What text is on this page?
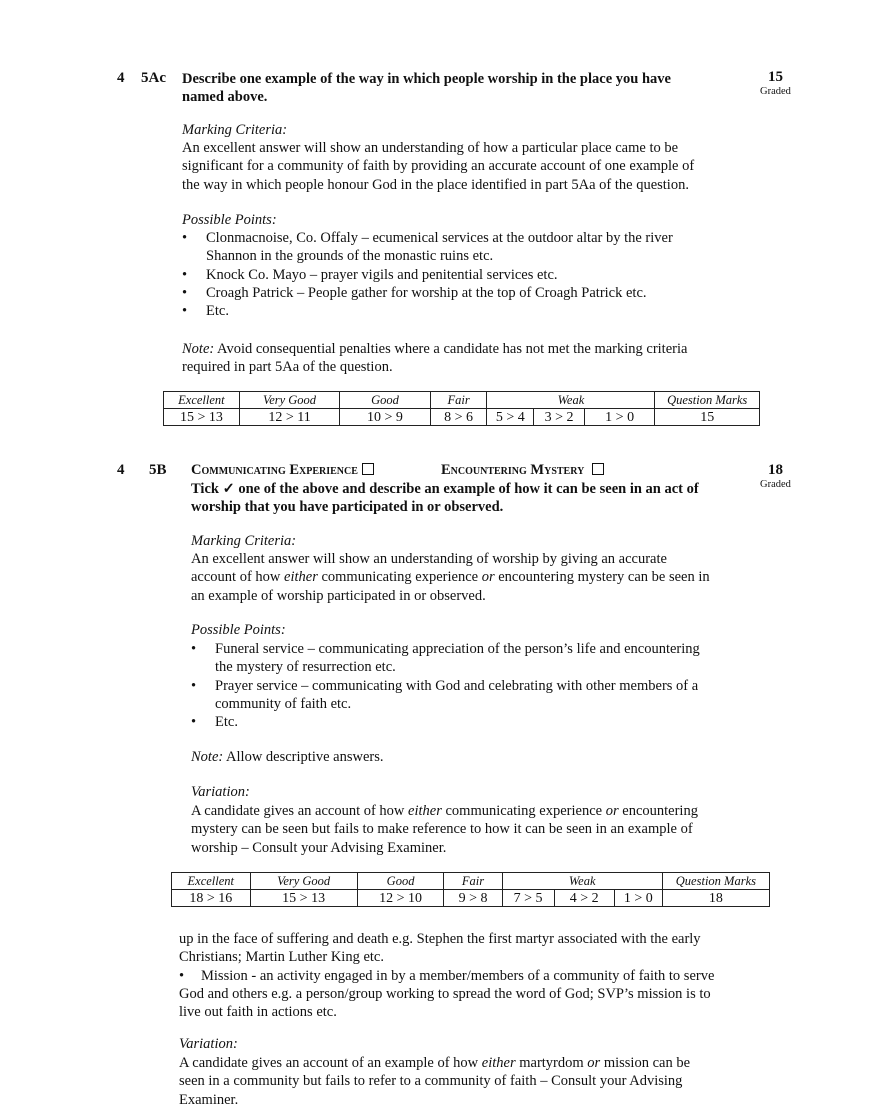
4 5Ac Describe one example of the way in which people worship in the place you have
named above.
15
Graded
Marking Criteria:
An excellent answer will show an understanding of how a particular place came to be
significant for a community of faith by providing an accurate account of one example of
the way in which people honour God in the place identified in part 5Aa of the question.
Possible Points:
• Clonmacnoise, Co. Offaly – ecumenical services at the outdoor altar by the river
Shannon in the grounds of the monastic ruins etc.
• Knock Co. Mayo – prayer vigils and penitential services etc.
• Croagh Patrick – People gather for worship at the top of Croagh Patrick etc.
• Etc.
Note: Avoid consequential penalties where a candidate has not met the marking criteria
required in part 5Aa of the question.
Excellent	Very Good	Good	Fair	Weak			Question Marks
15 > 13	12 > 11	10 > 9	8 > 6	5 > 4	3 > 2	1 > 0	15
4 5B Communicating Experience	Encountering Mystery	18
Graded
Tick ✓ one of the above and describe an example of how it can be seen in an act of
worship that you have participated in or observed.
Marking Criteria:
An excellent answer will show an understanding of worship by giving an accurate
account of how either communicating experience or encountering mystery can be seen in
an example of worship participated in or observed.
Possible Points:
• Funeral service – communicating appreciation of the person’s life and encountering
the mystery of resurrection etc.
• Prayer service – communicating with God and celebrating with other members of a
community of faith etc.
• Etc.
Note: Allow descriptive answers.
Variation:
A candidate gives an account of how either communicating experience or encountering
mystery can be seen but fails to make reference to how it can be seen in an example of
worship – Consult your Advising Examiner.
Excellent	Very Good	Good	Fair	Weak			Question Marks
18 > 16	15 > 13	12 > 10	9 > 8	7 > 5	4 > 2	1 > 0	18
up in the face of suffering and death e.g. Stephen the first martyr associated with the early
Christians; Martin Luther King etc.
• Mission - an activity engaged in by a member/members of a community of faith to serve
God and others e.g. a person/group working to spread the word of God; SVP’s mission is to
live out faith in actions etc.
Variation:
A candidate gives an account of an example of how either martyrdom or mission can be
seen in a community but fails to refer to a community of faith – Consult your Advising
Examiner.
